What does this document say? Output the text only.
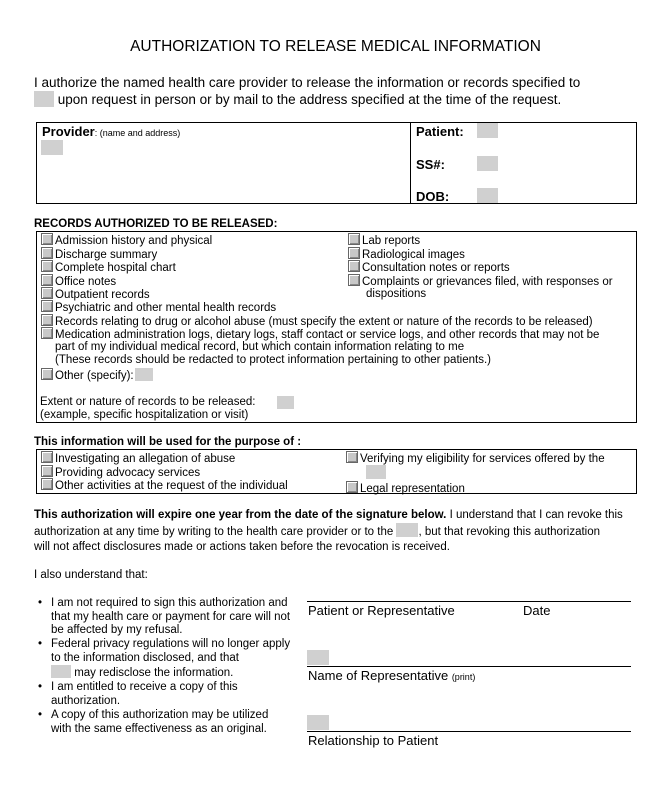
AUTHORIZATION TO RELEASE MEDICAL INFORMATION
I authorize the named health care provider to release the information or records specified to
upon request in person or by mail to the address specified at the time of the request.
Provider: (name and address)	Patient:
SS#:
DOB:
RECORDS AUTHORIZED TO BE RELEASED:
Admission history and physical
Discharge summary
Complete hospital chart
Office notes
Outpatient records
Psychiatric and other mental health records
Lab reports
Radiological images
Consultation notes or reports
Complaints or grievances filed, with responses or
dispositions
Records relating to drug or alcohol abuse (must specify the extent or nature of the records to be released)
Medication administration logs, dietary logs, staff contact or service logs, and other records that may not be
part of my individual medical record, but which contain information relating to me
(These records should be redacted to protect information pertaining to other patients.)
Other (specify):
Extent or nature of records to be released:
(example, specific hospitalization or visit)
This information will be used for the purpose of :
Investigating an allegation of abuse
Providing advocacy services
Other activities at the request of the individual
Verifying my eligibility for services offered by the
Legal representation
This authorization will expire one year from the date of the signature below. I understand that I can revoke this
authorization at any time by writing to the health care provider or to the , but that revoking this authorization
will not affect disclosures made or actions taken before the revocation is received.
I also understand that:
• I am not required to sign this authorization and that my health care or payment for care will not be affected by my refusal.
• Federal privacy regulations will no longer apply to the information disclosed, and that
may redisclose the information.
• I am entitled to receive a copy of this authorization.
• A copy of this authorization may be utilized with the same effectiveness as an original.
Patient or Representative	Date
Name of Representative (print)
Relationship to Patient
